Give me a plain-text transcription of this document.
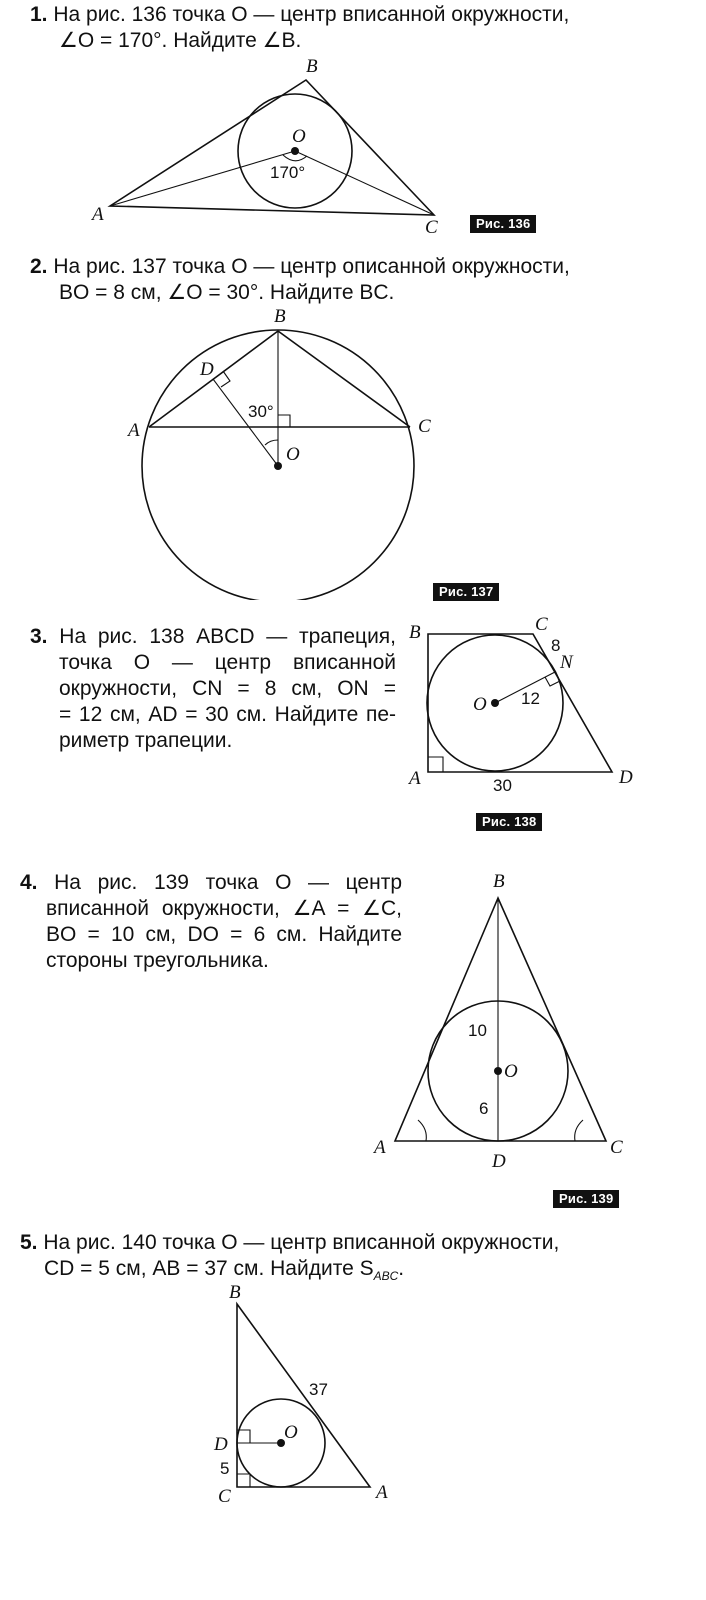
1. На рис. 136 точка O — центр вписанной окружности,
∠O = 170°. Найдите ∠B.
A
B
C
O
170°
Рис. 136
2. На рис. 137 точка O — центр описанной окружности,
BO = 8 см, ∠O = 30°. Найдите BC.
A
B
C
D
O
30°
Рис. 137
3. На рис. 138 ABCD — трапеция,
точка O — центр вписанной
окружности, CN = 8 см, ON =
= 12 см, AD = 30 см. Найдите пе-
риметр трапеции.
B	C
N
O
A	D
8
12
30
Рис. 138
4. На рис. 139 точка O — центр
вписанной окружности, ∠A = ∠C,
BO = 10 см, DO = 6 см. Найдите
стороны треугольника.
B
A	C
D
O
10
6
Рис. 139
5. На рис. 140 точка O — центр вписанной окружности,
CD = 5 см, AB = 37 см. Найдите $S_{ABC}$.
B
D
C	A
O
37
5
